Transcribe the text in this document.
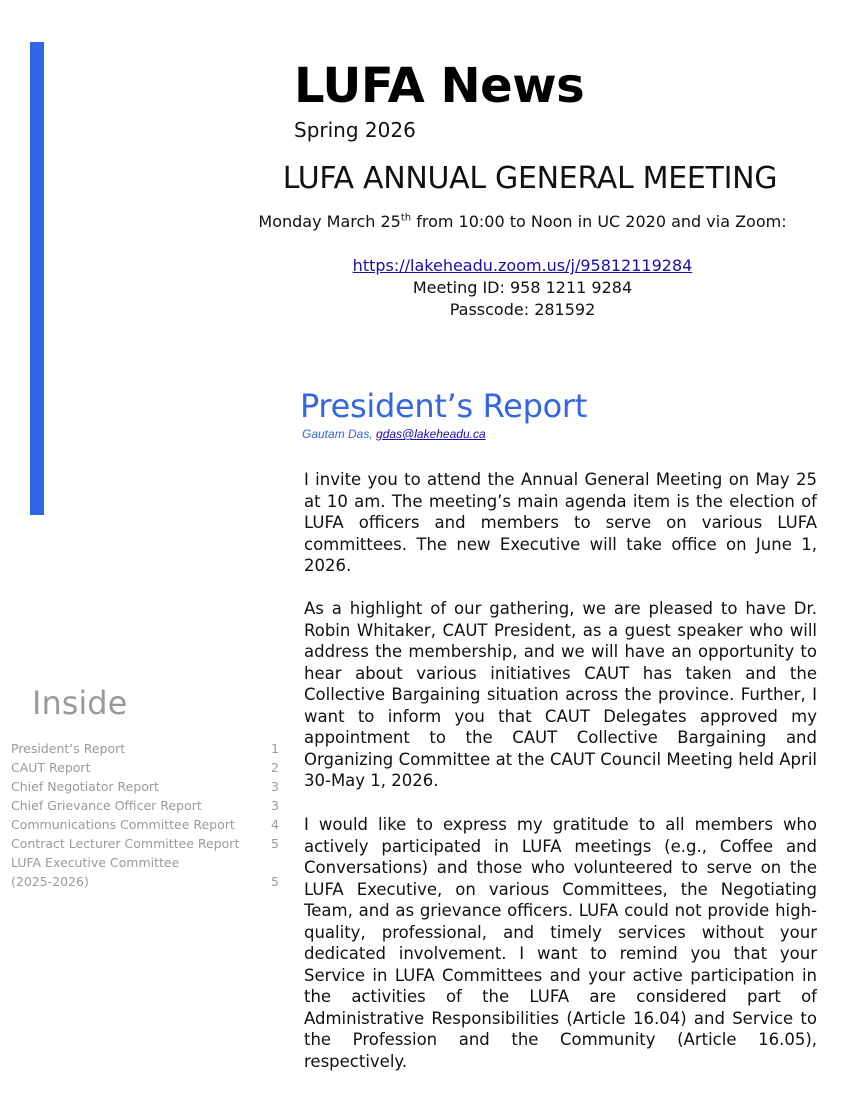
LUFA News
Spring 2026
LUFA ANNUAL GENERAL MEETING
Monday March 25th from 10:00 to Noon in UC 2020 and via Zoom:
https://lakeheadu.zoom.us/j/95812119284
Meeting ID: 958 1211 9284
Passcode: 281592
President’s Report
Gautam Das, gdas@lakeheadu.ca
I invite you to attend the Annual General Meeting on May 25 at 10 am. The meeting’s main agenda item is the election of LUFA officers and members to serve on various LUFA committees. The new Executive will take office on June 1, 2026.
As a highlight of our gathering, we are pleased to have Dr. Robin Whitaker, CAUT President, as a guest speaker who will address the membership, and we will have an opportunity to hear about various initiatives CAUT has taken and the Collective Bargaining situation across the province. Further, I want to inform you that CAUT Delegates approved my appointment to the CAUT Collective Bargaining and Organizing Committee at the CAUT Council Meeting held April 30-May 1, 2026.
I would like to express my gratitude to all members who actively participated in LUFA meetings (e.g., Coffee and Conversations) and those who volunteered to serve on the LUFA Executive, on various Committees, the Negotiating Team, and as grievance officers. LUFA could not provide high-quality, professional, and timely services without your dedicated involvement. I want to remind you that your Service in LUFA Committees and your active participation in the activities of the LUFA are considered part of Administrative Responsibilities (Article 16.04) and Service to the Profession and the Community (Article 16.05), respectively.
Inside
President’s Report	1
CAUT Report	2
Chief Negotiator Report	3
Chief Grievance Officer Report	3
Communications Committee Report	4
Contract Lecturer Committee Report	5
LUFA Executive Committee
(2025-2026)	5
